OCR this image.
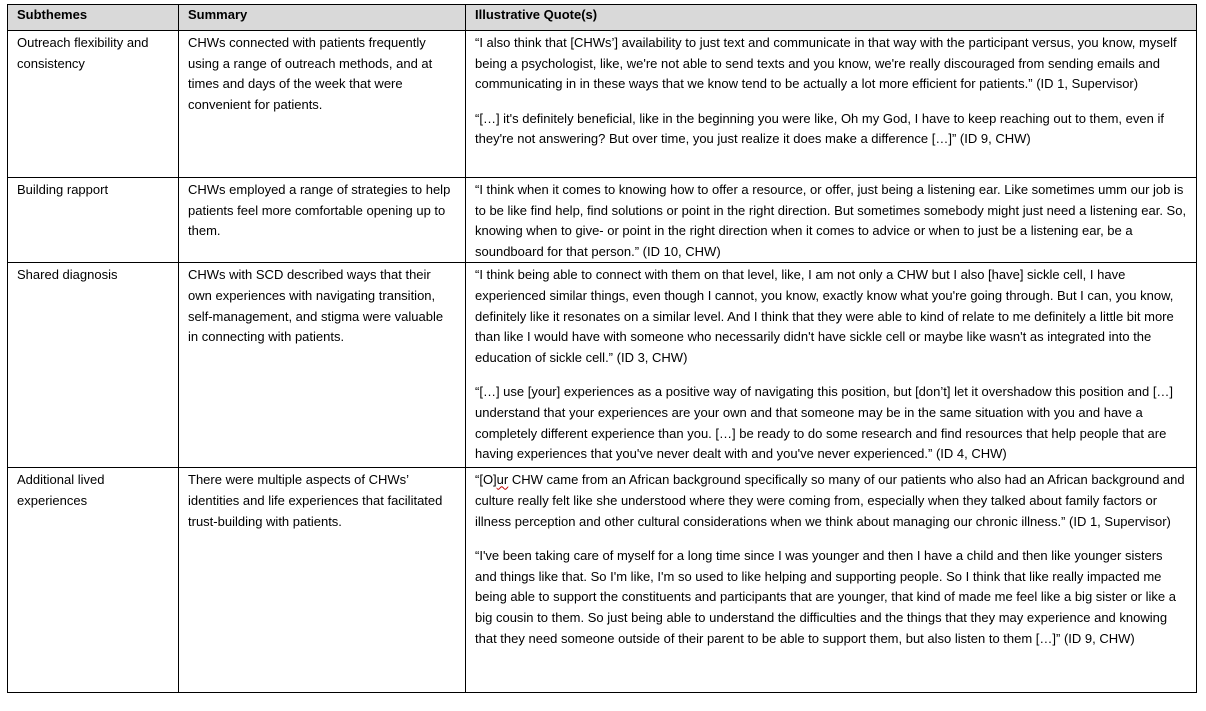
Subthemes	Summary	Illustrative Quote(s)
Outreach flexibility and consistency	CHWs connected with patients frequently using a range of outreach methods, and at times and days of the week that were convenient for patients.	“I also think that [CHWs’] availability to just text and communicate in that way with the participant versus, you know, myself being a psychologist, like, we're not able to send texts and you know, we're really discouraged from sending emails and communicating in in these ways that we know tend to be actually a lot more efficient for patients.” (ID 1, Supervisor)

“[…] it's definitely beneficial, like in the beginning you were like, Oh my God, I have to keep reaching out to them, even if they're not answering? But over time, you just realize it does make a difference […]” (ID 9, CHW)

Building rapport	CHWs employed a range of strategies to help patients feel more comfortable opening up to them.	“I think when it comes to knowing how to offer a resource, or offer, just being a listening ear. Like sometimes umm our job is to be like find help, find solutions or point in the right direction. But sometimes somebody might just need a listening ear. So, knowing when to give- or point in the right direction when it comes to advice or when to just be a listening ear, be a soundboard for that person.” (ID 10, CHW)

Shared diagnosis	CHWs with SCD described ways that their own experiences with navigating transition, self-management, and stigma were valuable in connecting with patients.	“I think being able to connect with them on that level, like, I am not only a CHW but I also [have] sickle cell, I have experienced similar things, even though I cannot, you know, exactly know what you're going through. But I can, you know, definitely like it resonates on a similar level. And I think that they were able to kind of relate to me definitely a little bit more than like I would have with someone who necessarily didn't have sickle cell or maybe like wasn't as integrated into the education of sickle cell.” (ID 3, CHW)

“[…] use [your] experiences as a positive way of navigating this position, but [don’t] let it overshadow this position and […] understand that your experiences are your own and that someone may be in the same situation with you and have a completely different experience than you. […] be ready to do some research and find resources that help people that are having experiences that you've never dealt with and you've never experienced.” (ID 4, CHW)

Additional lived experiences	There were multiple aspects of CHWs’ identities and life experiences that facilitated trust-building with patients.	“[O]ur CHW came from an African background specifically so many of our patients who also had an African background and culture really felt like she understood where they were coming from, especially when they talked about family factors or illness perception and other cultural considerations when we think about managing our chronic illness.” (ID 1, Supervisor)

“I've been taking care of myself for a long time since I was younger and then I have a child and then like younger sisters and things like that. So I'm like, I'm so used to like helping and supporting people. So I think that like really impacted me being able to support the constituents and participants that are younger, that kind of made me feel like a big sister or like a big cousin to them. So just being able to understand the difficulties and the things that they may experience and knowing that they need someone outside of their parent to be able to support them, but also listen to them […]” (ID 9, CHW)
